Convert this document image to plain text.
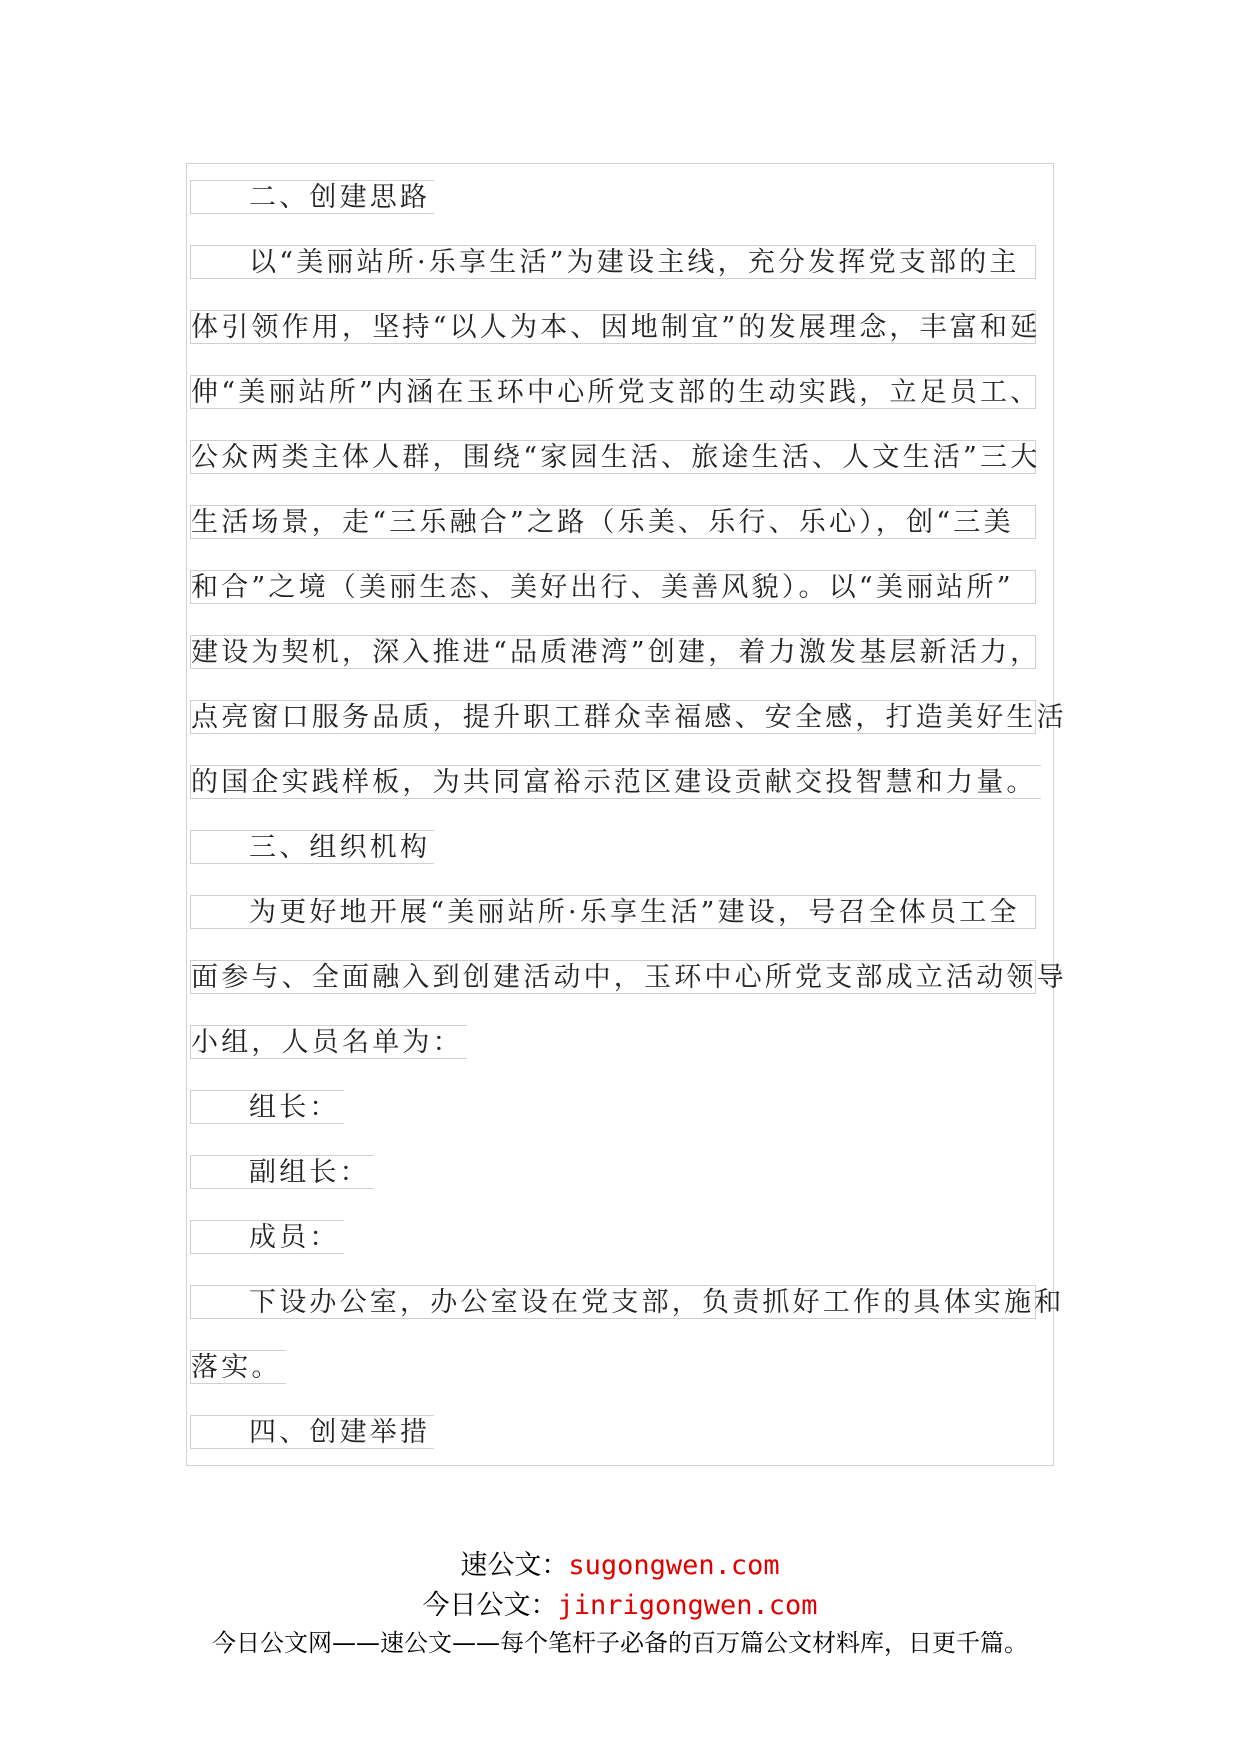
二、创建思路
以“美丽站所·乐享生活”为建设主线，充分发挥党支部的主
体引领作用，坚持“以人为本、因地制宜”的发展理念，丰富和延
伸“美丽站所”内涵在玉环中心所党支部的生动实践，立足员工、
公众两类主体人群，围绕“家园生活、旅途生活、人文生活”三大
生活场景，走“三乐融合”之路（乐美、乐行、乐心），创“三美
和合”之境（美丽生态、美好出行、美善风貌）。以“美丽站所”
建设为契机，深入推进“品质港湾”创建，着力激发基层新活力，
点亮窗口服务品质，提升职工群众幸福感、安全感，打造美好生活
的国企实践样板，为共同富裕示范区建设贡献交投智慧和力量。
三、组织机构
为更好地开展“美丽站所·乐享生活”建设，号召全体员工全
面参与、全面融入到创建活动中，玉环中心所党支部成立活动领导
小组，人员名单为：
组长：
副组长：
成员：
下设办公室，办公室设在党支部，负责抓好工作的具体实施和
落实。
四、创建举措
速公文：sugongwen.com
今日公文：jinrigongwen.com
今日公文网——速公文——每个笔杆子必备的百万篇公文材料库，日更千篇。
